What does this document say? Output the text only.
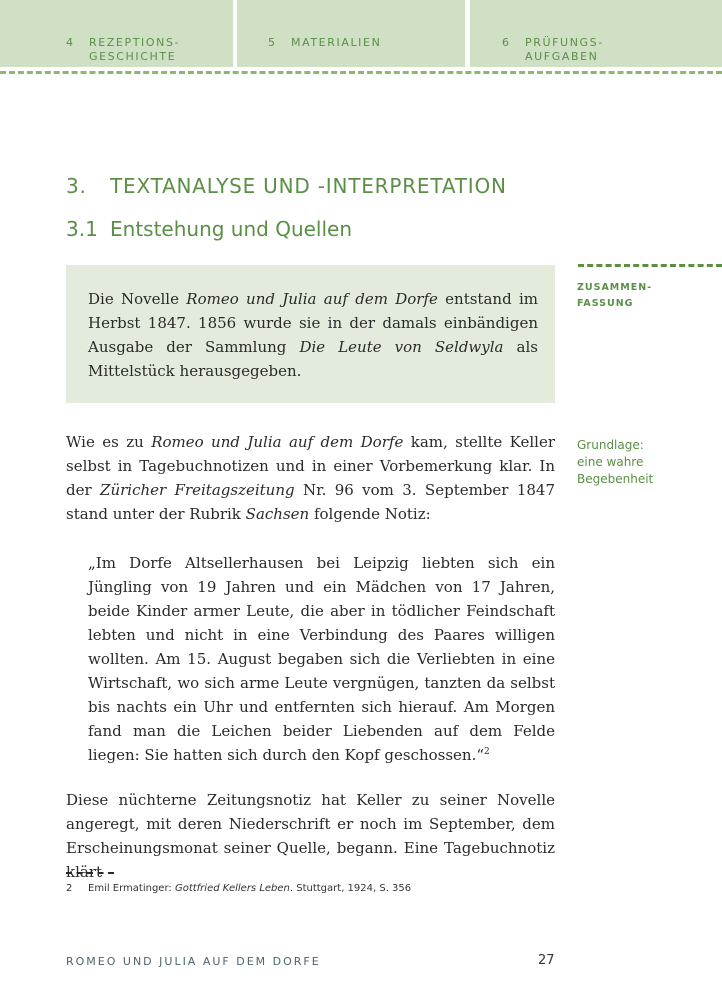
4 REZEPTIONS-
GESCHICHTE
5 MATERIALIEN	6 PRÜFUNGS-
AUFGABEN
3. TEXTANALYSE UND -INTERPRETATION
3.1 Entstehung und Quellen

Die Novelle Romeo und Julia auf dem Dorfe entstand im Herbst 1847. 1856 wurde sie in der damals einbändigen Ausgabe der Sammlung Die Leute von Seldwyla als Mittelstück herausgegeben.

ZUSAMMEN-
FASSUNG
Grundlage:
eine wahre
Begebenheit

Wie es zu Romeo und Julia auf dem Dorfe kam, stellte Keller selbst in Tagebuchnotizen und in einer Vorbemerkung klar. In der Züricher Freitagszeitung Nr. 96 vom 3. September 1847 stand unter der Rubrik Sachsen folgende Notiz:

„Im Dorfe Altsellerhausen bei Leipzig liebten sich ein Jüngling von 19 Jahren und ein Mädchen von 17 Jahren, beide Kinder armer Leute, die aber in tödlicher Feindschaft lebten und nicht in eine Verbindung des Paares willigen wollten. Am 15. August begaben sich die Verliebten in eine Wirtschaft, wo sich arme Leute vergnügen, tanzten da selbst bis nachts ein Uhr und entfernten sich hierauf. Am Morgen fand man die Leichen beider Liebenden auf dem Felde liegen: Sie hatten sich durch den Kopf geschossen.“$^2$

Diese nüchterne Zeitungsnotiz hat Keller zu seiner Novelle angeregt, mit deren Niederschrift er noch im September, dem Erscheinungsmonat seiner Quelle, begann. Eine Tagebuchnotiz klärt

2 Emil Ermatinger: Gottfried Kellers Leben. Stuttgart, 1924, S. 356
ROMEO UND JULIA AUF DEM DORFE	27
